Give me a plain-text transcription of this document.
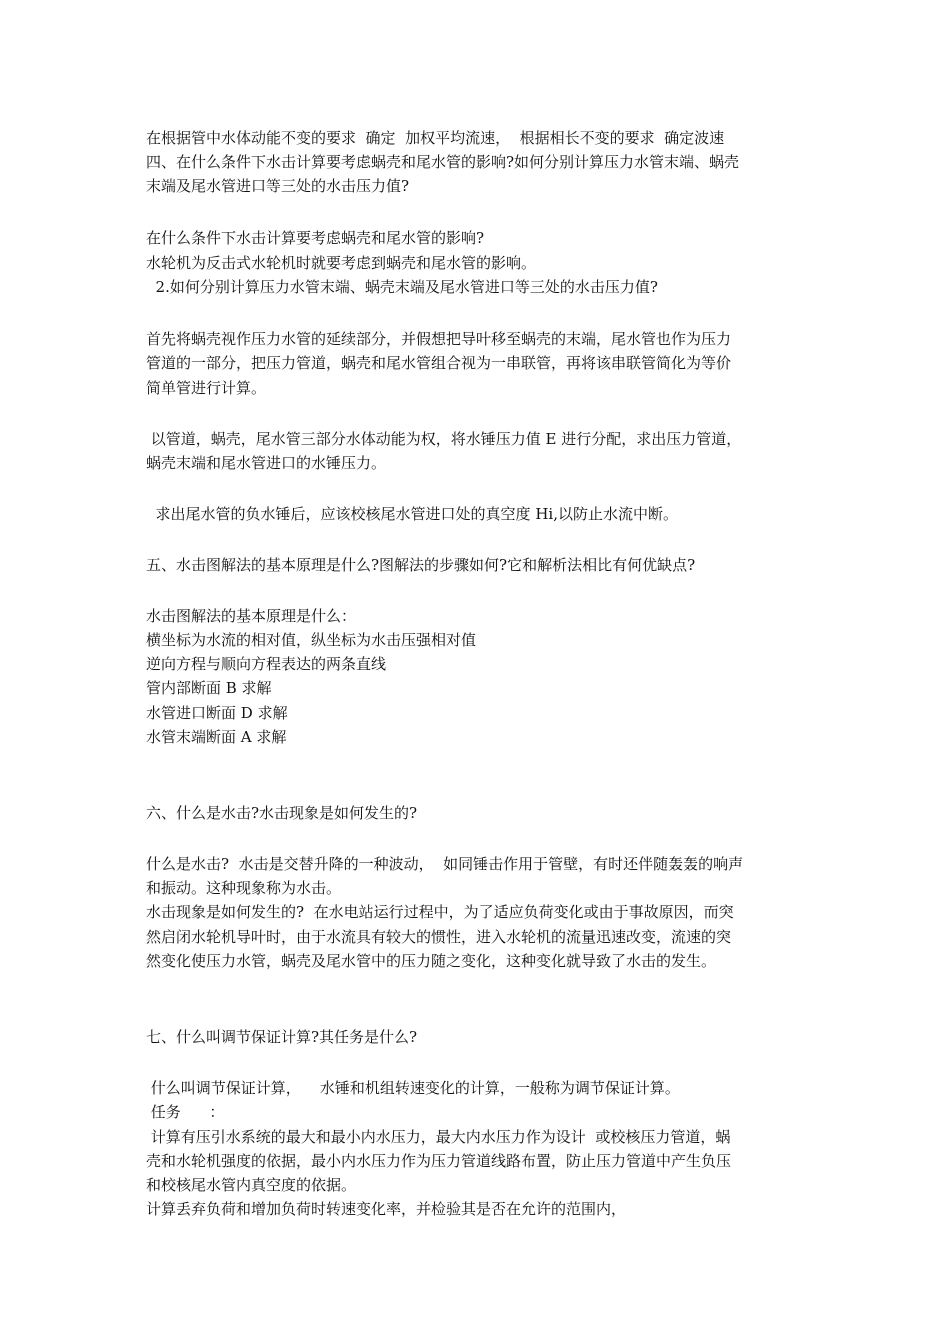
在根据管中水体动能不变的要求  确定  加权平均流速，  根据相长不变的要求  确定波速

四、在什么条件下水击计算要考虑蜗壳和尾水管的影响?如何分别计算压力水管末端、蜗壳

末端及尾水管进口等三处的水击压力值?

在什么条件下水击计算要考虑蜗壳和尾水管的影响?

水轮机为反击式水轮机时就要考虑到蜗壳和尾水管的影响。

2.如何分别计算压力水管末端、蜗壳末端及尾水管进口等三处的水击压力值?

首先将蜗壳视作压力水管的延续部分，并假想把导叶移至蜗壳的末端，尾水管也作为压力

管道的一部分，把压力管道，蜗壳和尾水管组合视为一串联管，再将该串联管简化为等价

简单管进行计算。

以管道，蜗壳，尾水管三部分水体动能为权，将水锤压力值 E 进行分配，求出压力管道，

蜗壳末端和尾水管进口的水锤压力。

求出尾水管的负水锤后，应该校核尾水管进口处的真空度 Hi,以防止水流中断。

五、水击图解法的基本原理是什么?图解法的步骤如何?它和解析法相比有何优缺点?

水击图解法的基本原理是什么：

横坐标为水流的相对值，纵坐标为水击压强相对值

逆向方程与顺向方程表达的两条直线

管内部断面 B 求解

水管进口断面 D 求解

水管末端断面 A 求解

六、什么是水击?水击现象是如何发生的?

什么是水击?  水击是交替升降的一种波动，  如同锤击作用于管壁，有时还伴随轰轰的响声

和振动。这种现象称为水击。

水击现象是如何发生的?  在水电站运行过程中，为了适应负荷变化或由于事故原因，而突

然启闭水轮机导叶时，由于水流具有较大的惯性，进入水轮机的流量迅速改变，流速的突

然变化使压力水管，蜗壳及尾水管中的压力随之变化，这种变化就导致了水击的发生。

七、什么叫调节保证计算?其任务是什么?

什么叫调节保证计算，    水锤和机组转速变化的计算，一般称为调节保证计算。

任务      ：

计算有压引水系统的最大和最小内水压力，最大内水压力作为设计  或校核压力管道，蜗

壳和水轮机强度的依据，最小内水压力作为压力管道线路布置，防止压力管道中产生负压

和校核尾水管内真空度的依据。

计算丢弃负荷和增加负荷时转速变化率，并检验其是否在允许的范围内，
